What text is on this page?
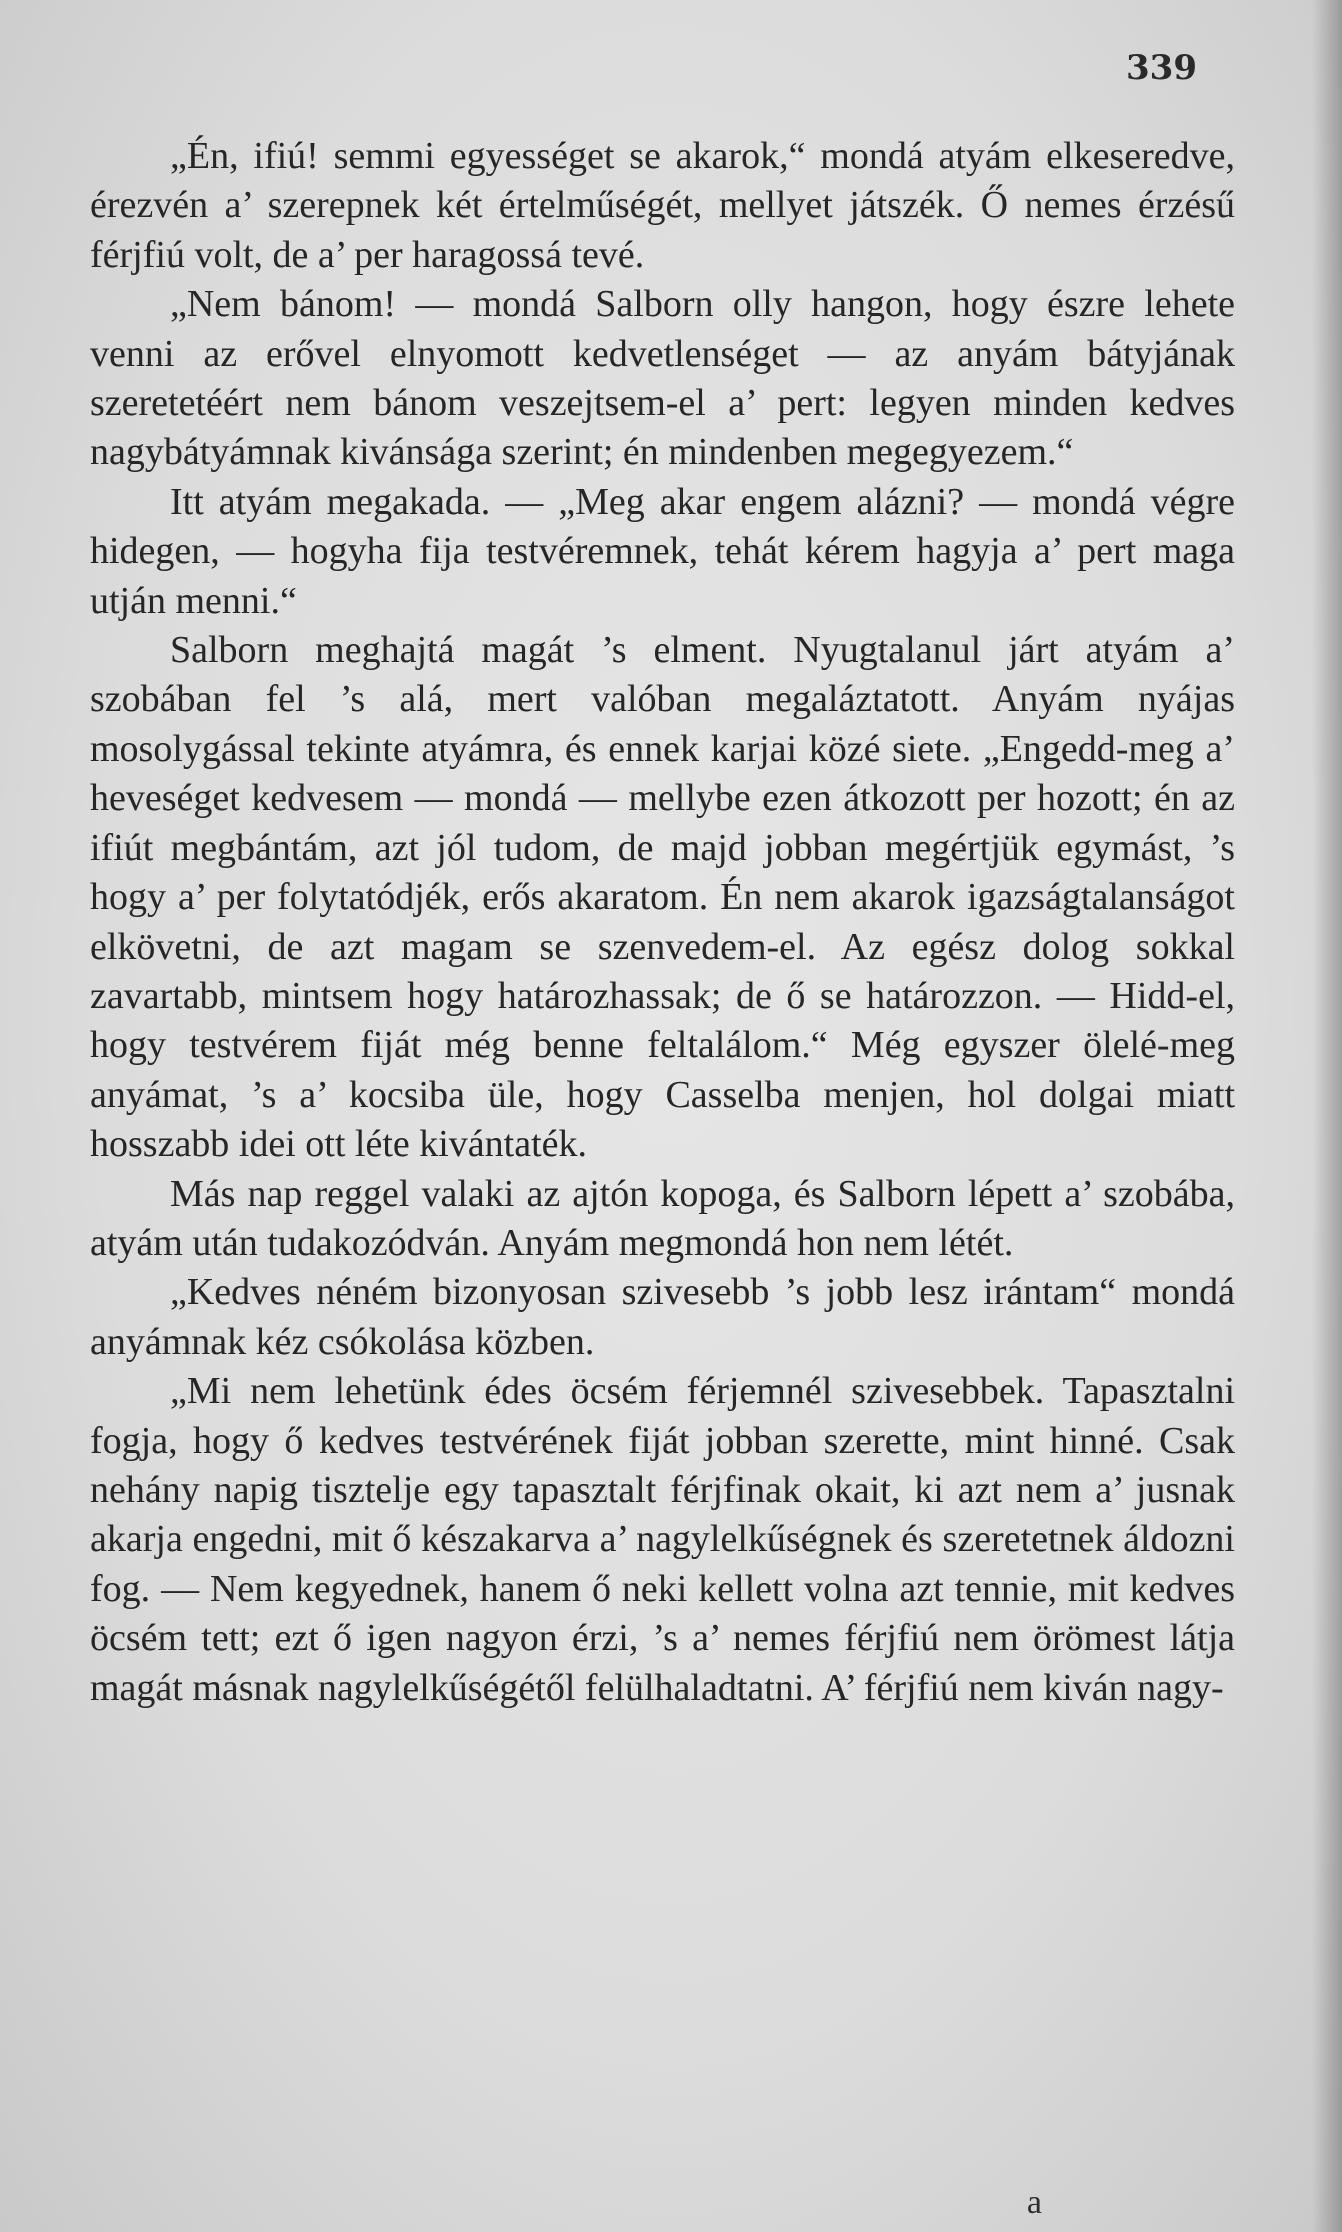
339

„Én, ifiú! semmi egyességet se akarok,“ mondá atyám elkeseredve, érezvén a’ szerepnek két értelműségét, mellyet játszék. Ő nemes érzésű férjfiú volt, de a’ per haragossá tevé.

„Nem bánom! — mondá Salborn olly hangon, hogy észre lehete venni az erővel elnyomott kedvetlenséget — az anyám bátyjának szeretetéért nem bánom veszejtsem-el a’ pert: legyen minden kedves nagybátyámnak kivánsága szerint; én mindenben megegyezem.“

Itt atyám megakada. — „Meg akar engem alázni? — mondá végre hidegen, — hogyha fija testvéremnek, tehát kérem hagyja a’ pert maga utján menni.“

Salborn meghajtá magát ’s elment. Nyugtalanul járt atyám a’ szobában fel ’s alá, mert valóban megaláztatott. Anyám nyájas mosolygással tekinte atyámra, és ennek karjai közé siete. „Engedd-meg a’ heveséget kedvesem — mondá — mellybe ezen átkozott per hozott; én az ifiút megbántám, azt jól tudom, de majd jobban megértjük egymást, ’s hogy a’ per folytatódjék, erős akaratom. Én nem akarok igazságtalanságot elkövetni, de azt magam se szenvedem-el. Az egész dolog sokkal zavartabb, mintsem hogy határozhassak; de ő se határozzon. — Hidd-el, hogy testvérem fiját még benne feltalálom.“ Még egyszer ölelé-meg anyámat, ’s a’ kocsiba üle, hogy Casselba menjen, hol dolgai miatt hosszabb idei ott léte kivántaték.

Más nap reggel valaki az ajtón kopoga, és Salborn lépett a’ szobába, atyám után tudakozódván. Anyám megmondá hon nem létét.

„Kedves néném bizonyosan szivesebb ’s jobb lesz irántam“ mondá anyámnak kéz csókolása közben.

„Mi nem lehetünk édes öcsém férjemnél szivesebbek. Tapasztalni fogja, hogy ő kedves testvérének fiját jobban szerette, mint hinné. Csak nehány napig tisztelje egy tapasztalt férjfinak okait, ki azt nem a’ jusnak akarja engedni, mit ő készakarva a’ nagylelkűségnek és szeretetnek áldozni fog. — Nem kegyednek, hanem ő neki kellett volna azt tennie, mit kedves öcsém tett; ezt ő igen nagyon érzi, ’s a’ nemes férjfiú nem örömest látja magát másnak nagylelkűségétől felülhaladtatni. A’ férjfiú nem kiván nagy-

a
